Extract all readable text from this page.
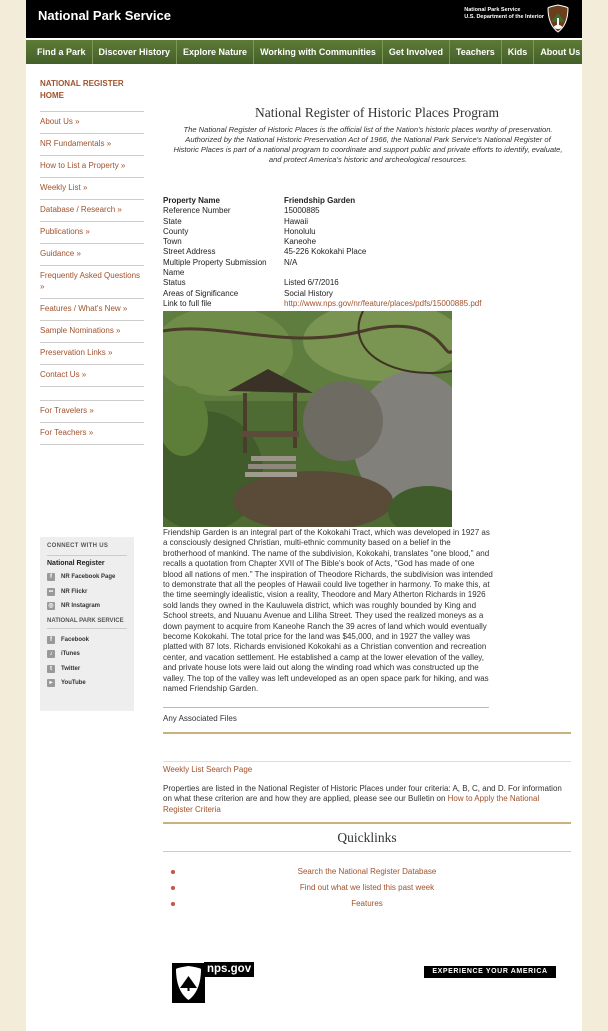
National Park Service	National Park Service
U.S. Department of the Interior
Find a Park	Discover History	Explore Nature	Working with Communities	Get Involved	Teachers	Kids	About Us
NATIONAL REGISTER HOME
About Us »
NR Fundamentals »
How to List a Property »
Weekly List »
Database / Research »
Publications »
Guidance »
Frequently Asked Questions »
Features / What's New »
Sample Nominations »
Preservation Links »
Contact Us »
For Travelers »
For Teachers »
CONNECT WITH US
National Register
f	NR Facebook Page
••	NR Flickr
◎ NR Instagram
NATIONAL PARK SERVICE
f	Facebook
♪	iTunes
t	Twitter
▸	YouTube
National Register of Historic Places Program
The National Register of Historic Places is the official list of the Nation's historic places worthy of preservation. Authorized by the National Historic Preservation Act of 1966, the National Park Service's National Register of Historic Places is part of a national program to coordinate and support public and private efforts to identify, evaluate, and protect America's historic and archeological resources.
Property Name	Friendship Garden
Reference Number	15000885
State	Hawaii
County	Honolulu
Town	Kaneohe
Street Address	45-226 Kokokahi Place
Multiple Property Submission Name	N/A
Status	Listed 6/7/2016
Areas of Significance	Social History
Link to full file	http://www.nps.gov/nr/feature/places/pdfs/15000885.pdf
Friendship Garden is an integral part of the Kokokahi Tract, which was developed in 1927 as a consciously designed Christian, multi-ethnic community based on a belief in the brotherhood of mankind. The name of the subdivision, Kokokahi, translates "one blood," and recalls a quotation from Chapter XVII of The Bible's book of Acts, "God has made of one blood all nations of men." The inspiration of Theodore Richards, the subdivision was intended to demonstrate that all the peoples of Hawaii could live together in harmony. To make this, at the time seemingly idealistic, vision a reality, Theodore and Mary Atherton Richards in 1926 sold lands they owned in the Kauluwela district, which was roughly bounded by King and School streets, and Nuuanu Avenue and Liliha Street. They used the realized moneys as a down payment to acquire from Kaneohe Ranch the 39 acres of land which would eventually become Kokokahi. The total price for the land was $45,000, and in 1927 the valley was platted with 87 lots. Richards envisioned Kokokahi as a Christian convention and recreation center, and vacation settlement. He established a camp at the lower elevation of the valley, and private house lots were laid out along the winding road which was constructed up the valley. The top of the valley was left undeveloped as an open space park for hiking, and was named Friendship Garden.
Any Associated Files
Weekly List Search Page
Properties are listed in the National Register of Historic Places under four criteria: A, B, C, and D. For information on what these criterion are and how they are applied, please see our Bulletin on How to Apply the National Register Criteria
Quicklinks
Search the National Register Database
Find out what we listed this past week
Features
nps.gov	EXPERIENCE YOUR AMERICA
